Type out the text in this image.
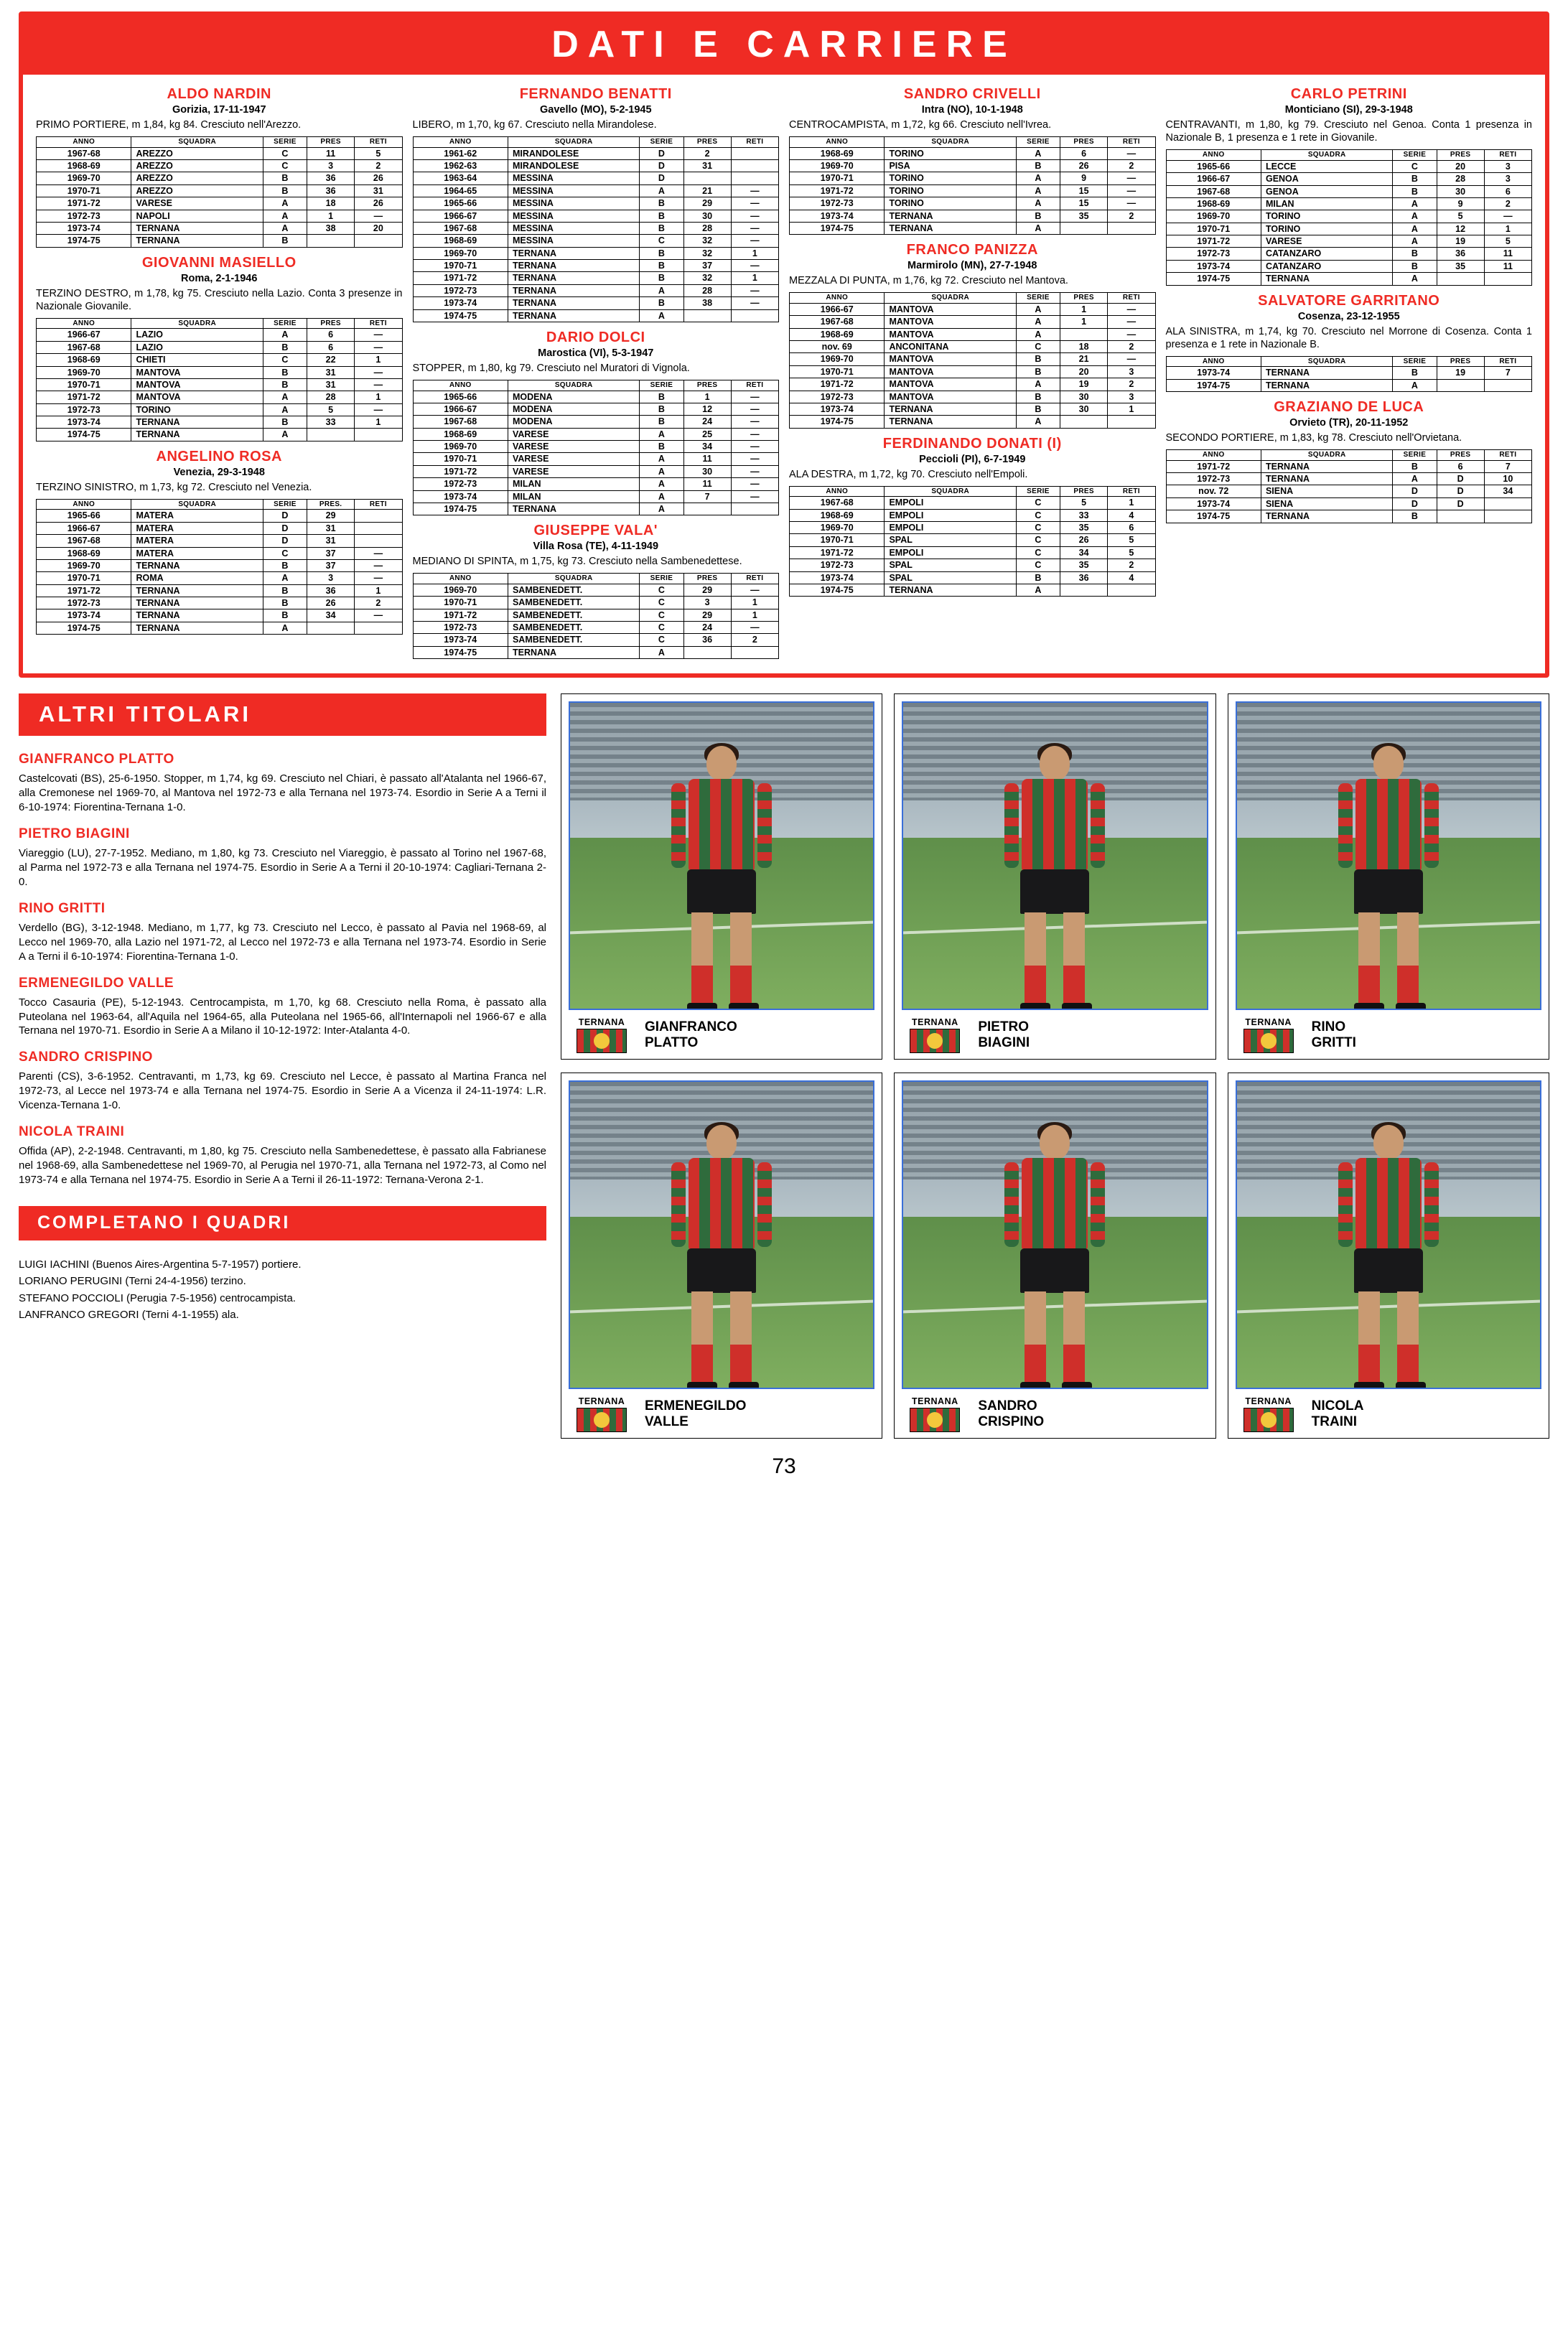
DATI E CARRIERE
ALDO NARDIN
Gorizia, 17-11-1947
PRIMO PORTIERE, m 1,84, kg 84. Cresciuto nell'Arezzo.
ANNO	SQUADRA	SERIE	PRES	RETI
1967-68	AREZZO	C	11	5
1968-69	AREZZO	C	3	2
1969-70	AREZZO	B	36	26
1970-71	AREZZO	B	36	31
1971-72	VARESE	A	18	26
1972-73	NAPOLI	A	1	—
1973-74	TERNANA	A	38	20
1974-75	TERNANA	B		
GIOVANNI MASIELLO
Roma, 2-1-1946
TERZINO DESTRO, m 1,78, kg 75. Cresciuto nella Lazio. Conta 3 presenze in Nazionale Giovanile.
ANNO	SQUADRA	SERIE	PRES	RETI
1966-67	LAZIO	A	6	—
1967-68	LAZIO	B	6	—
1968-69	CHIETI	C	22	1
1969-70	MANTOVA	B	31	—
1970-71	MANTOVA	B	31	—
1971-72	MANTOVA	A	28	1
1972-73	TORINO	A	5	—
1973-74	TERNANA	B	33	1
1974-75	TERNANA	A		
ANGELINO ROSA
Venezia, 29-3-1948
TERZINO SINISTRO, m 1,73, kg 72. Cresciuto nel Venezia.
ANNO	SQUADRA	SERIE	PRES.	RETI
1965-66	MATERA	D	29	
1966-67	MATERA	D	31	
1967-68	MATERA	D	31	
1968-69	MATERA	C	37	—
1969-70	TERNANA	B	37	—
1970-71	ROMA	A	3	—
1971-72	TERNANA	B	36	1
1972-73	TERNANA	B	26	2
1973-74	TERNANA	B	34	—
1974-75	TERNANA	A		
FERNANDO BENATTI
Gavello (MO), 5-2-1945
LIBERO, m 1,70, kg 67. Cresciuto nella Mirandolese.
ANNO	SQUADRA	SERIE	PRES	RETI
1961-62	MIRANDOLESE	D	2	
1962-63	MIRANDOLESE	D	31	
1963-64	MESSINA	D		
1964-65	MESSINA	A	21	—
1965-66	MESSINA	B	29	—
1966-67	MESSINA	B	30	—
1967-68	MESSINA	B	28	—
1968-69	MESSINA	C	32	—
1969-70	TERNANA	B	32	1
1970-71	TERNANA	B	37	—
1971-72	TERNANA	B	32	1
1972-73	TERNANA	A	28	—
1973-74	TERNANA	B	38	—
1974-75	TERNANA	A		
DARIO DOLCI
Marostica (VI), 5-3-1947
STOPPER, m 1,80, kg 79. Cresciuto nel Muratori di Vignola.
ANNO	SQUADRA	SERIE	PRES	RETI
1965-66	MODENA	B	1	—
1966-67	MODENA	B	12	—
1967-68	MODENA	B	24	—
1968-69	VARESE	A	25	—
1969-70	VARESE	B	34	—
1970-71	VARESE	A	11	—
1971-72	VARESE	A	30	—
1972-73	MILAN	A	11	—
1973-74	MILAN	A	7	—
1974-75	TERNANA	A		
GIUSEPPE VALA'
Villa Rosa (TE), 4-11-1949
MEDIANO DI SPINTA, m 1,75, kg 73. Cresciuto nella Sambenedettese.
ANNO	SQUADRA	SERIE	PRES	RETI
1969-70	SAMBENEDETT.	C	29	—
1970-71	SAMBENEDETT.	C	3	1
1971-72	SAMBENEDETT.	C	29	1
1972-73	SAMBENEDETT.	C	24	—
1973-74	SAMBENEDETT.	C	36	2
1974-75	TERNANA	A		
SANDRO CRIVELLI
Intra (NO), 10-1-1948
CENTROCAMPISTA, m 1,72, kg 66. Cresciuto nell'Ivrea.
ANNO	SQUADRA	SERIE	PRES	RETI
1968-69	TORINO	A	6	—
1969-70	PISA	B	26	2
1970-71	TORINO	A	9	—
1971-72	TORINO	A	15	—
1972-73	TORINO	A	15	—
1973-74	TERNANA	B	35	2
1974-75	TERNANA	A		
FRANCO PANIZZA
Marmirolo (MN), 27-7-1948
MEZZALA DI PUNTA, m 1,76, kg 72. Cresciuto nel Mantova.
ANNO	SQUADRA	SERIE	PRES	RETI
1966-67	MANTOVA	A	1	—
1967-68	MANTOVA	A	1	—
1968-69	MANTOVA	A		—
nov. 69	ANCONITANA	C	18	2
1969-70	MANTOVA	B	21	—
1970-71	MANTOVA	B	20	3
1971-72	MANTOVA	A	19	2
1972-73	MANTOVA	B	30	3
1973-74	TERNANA	B	30	1
1974-75	TERNANA	A		
FERDINANDO DONATI (I)
Peccioli (PI), 6-7-1949
ALA DESTRA, m 1,72, kg 70. Cresciuto nell'Empoli.
ANNO	SQUADRA	SERIE	PRES	RETI
1967-68	EMPOLI	C	5	1
1968-69	EMPOLI	C	33	4
1969-70	EMPOLI	C	35	6
1970-71	SPAL	C	26	5
1971-72	EMPOLI	C	34	5
1972-73	SPAL	C	35	2
1973-74	SPAL	B	36	4
1974-75	TERNANA	A		
CARLO PETRINI
Monticiano (SI), 29-3-1948
CENTRAVANTI, m 1,80, kg 79. Cresciuto nel Genoa. Conta 1 presenza in Nazionale B, 1 presenza e 1 rete in Giovanile.
ANNO	SQUADRA	SERIE	PRES	RETI
1965-66	LECCE	C	20	3
1966-67	GENOA	B	28	3
1967-68	GENOA	B	30	6
1968-69	MILAN	A	9	2
1969-70	TORINO	A	5	—
1970-71	TORINO	A	12	1
1971-72	VARESE	A	19	5
1972-73	CATANZARO	B	36	11
1973-74	CATANZARO	B	35	11
1974-75	TERNANA	A		
SALVATORE GARRITANO
Cosenza, 23-12-1955
ALA SINISTRA, m 1,74, kg 70. Cresciuto nel Morrone di Cosenza. Conta 1 presenza e 1 rete in Nazionale B.
ANNO	SQUADRA	SERIE	PRES	RETI
1973-74	TERNANA	B	19	7
1974-75	TERNANA	A		
GRAZIANO DE LUCA
Orvieto (TR), 20-11-1952
SECONDO PORTIERE, m 1,83, kg 78. Cresciuto nell'Orvietana.
ANNO	SQUADRA	SERIE	PRES	RETI
1971-72	TERNANA	B	6	7
1972-73	TERNANA	A	D	10
nov. 72	SIENA	D	D	34
1973-74	SIENA	D	D	
1974-75	TERNANA	B		
ALTRI TITOLARI
GIANFRANCO PLATTO
Castelcovati (BS), 25-6-1950. Stopper, m 1,74, kg 69. Cresciuto nel Chiari, è passato all'Atalanta nel 1966-67, alla Cremonese nel 1969-70, al Mantova nel 1972-73 e alla Ternana nel 1973-74. Esordio in Serie A a Terni il 6-10-1974: Fiorentina-Ternana 1-0.
PIETRO BIAGINI
Viareggio (LU), 27-7-1952. Mediano, m 1,80, kg 73. Cresciuto nel Viareggio, è passato al Torino nel 1967-68, al Parma nel 1972-73 e alla Ternana nel 1974-75. Esordio in Serie A a Terni il 20-10-1974: Cagliari-Ternana 2-0.
RINO GRITTI
Verdello (BG), 3-12-1948. Mediano, m 1,77, kg 73. Cresciuto nel Lecco, è passato al Pavia nel 1968-69, al Lecco nel 1969-70, alla Lazio nel 1971-72, al Lecco nel 1972-73 e alla Ternana nel 1973-74. Esordio in Serie A a Terni il 6-10-1974: Fiorentina-Ternana 1-0.
ERMENEGILDO VALLE
Tocco Casauria (PE), 5-12-1943. Centrocampista, m 1,70, kg 68. Cresciuto nella Roma, è passato alla Puteolana nel 1963-64, all'Aquila nel 1964-65, alla Puteolana nel 1965-66, all'Internapoli nel 1966-67 e alla Ternana nel 1970-71. Esordio in Serie A a Milano il 10-12-1972: Inter-Atalanta 4-0.
SANDRO CRISPINO
Parenti (CS), 3-6-1952. Centravanti, m 1,73, kg 69. Cresciuto nel Lecce, è passato al Martina Franca nel 1972-73, al Lecce nel 1973-74 e alla Ternana nel 1974-75. Esordio in Serie A a Vicenza il 24-11-1974: L.R. Vicenza-Ternana 1-0.
NICOLA TRAINI
Offida (AP), 2-2-1948. Centravanti, m 1,80, kg 75. Cresciuto nella Sambenedettese, è passato alla Fabrianese nel 1968-69, alla Sambenedettese nel 1969-70, al Perugia nel 1970-71, alla Ternana nel 1972-73, al Como nel 1973-74 e alla Ternana nel 1974-75. Esordio in Serie A a Terni il 26-11-1972: Ternana-Verona 2-1.
COMPLETANO I QUADRI
LUIGI IACHINI (Buenos Aires-Argentina 5-7-1957) portiere.
LORIANO PERUGINI (Terni 24-4-1956) terzino.
STEFANO POCCIOLI (Perugia 7-5-1956) centrocampista.
LANFRANCO GREGORI (Terni 4-1-1955) ala.
TERNANA	GIANFRANCO
PLATTO
TERNANA	PIETRO
BIAGINI
TERNANA	RINO
GRITTI
TERNANA	ERMENEGILDO
VALLE
TERNANA	SANDRO
CRISPINO
TERNANA	NICOLA
TRAINI
73
